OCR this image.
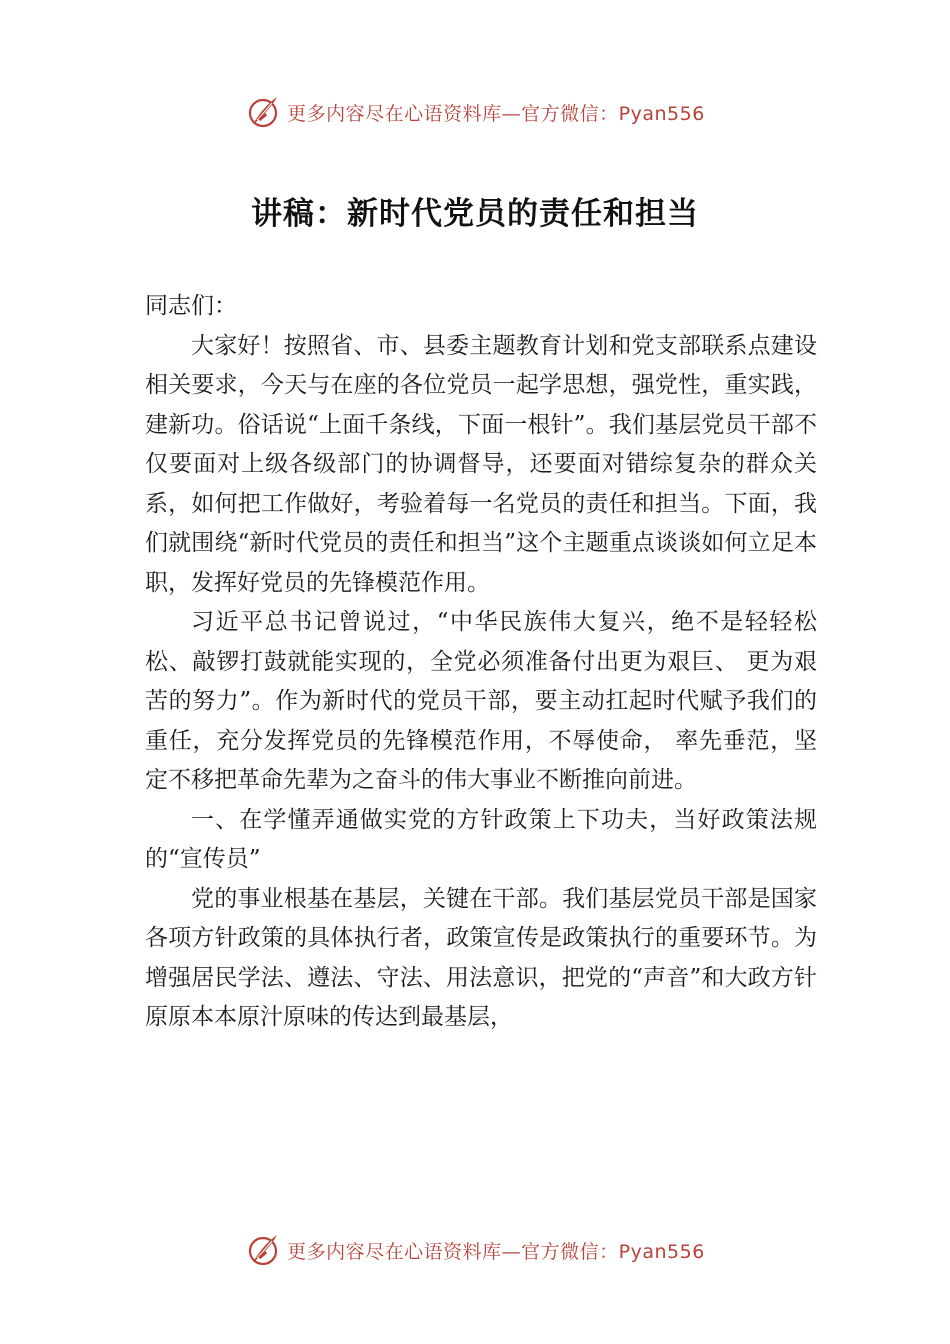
更多内容尽在心语资料库—官方微信：Pyan556
讲稿：新时代党员的责任和担当

同志们：

大家好！按照省、市、县委主题教育计划和党支部联系点建设相关要求，今天与在座的各位党员一起学思想，强党性，重实践，建新功。俗话说“上面千条线，下面一根针”。我们基层党员干部不仅要面对上级各级部门的协调督导，还要面对错综复杂的群众关系，如何把工作做好，考验着每一名党员的责任和担当。下面，我们就围绕“新时代党员的责任和担当”这个主题重点谈谈如何立足本职，发挥好党员的先锋模范作用。

习近平总书记曾说过，“中华民族伟大复兴，绝不是轻轻松松、敲锣打鼓就能实现的，全党必须准备付出更为艰巨、 更为艰苦的努力”。作为新时代的党员干部，要主动扛起时代赋予我们的重任，充分发挥党员的先锋模范作用，不辱使命， 率先垂范，坚定不移把革命先辈为之奋斗的伟大事业不断推向前进。

一、在学懂弄通做实党的方针政策上下功夫，当好政策法规的“宣传员”

党的事业根基在基层，关键在干部。我们基层党员干部是国家各项方针政策的具体执行者，政策宣传是政策执行的重要环节。为增强居民学法、遵法、守法、用法意识，把党的“声音”和大政方针原原本本原汁原味的传达到最基层，

更多内容尽在心语资料库—官方微信：Pyan556
